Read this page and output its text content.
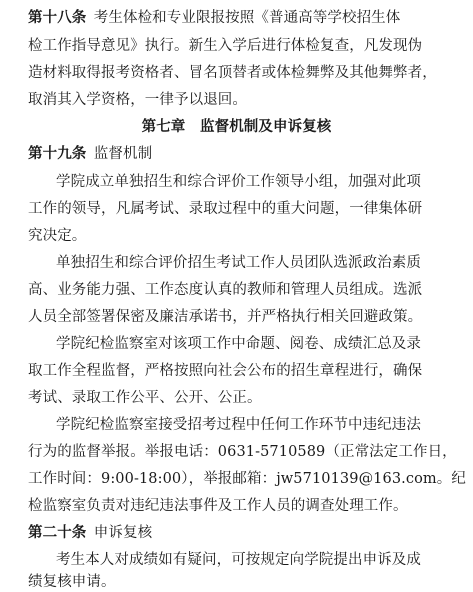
第十八条  考生体检和专业限报按照《普通高等学校招生体
检工作指导意见》执行。新生入学后进行体检复查，凡发现伪
造材料取得报考资格者、冒名顶替者或体检舞弊及其他舞弊者，
取消其入学资格，一律予以退回。
第七章　监督机制及申诉复核
第十九条  监督机制
学院成立单独招生和综合评价工作领导小组，加强对此项
工作的领导，凡属考试、录取过程中的重大问题，一律集体研
究决定。
单独招生和综合评价招生考试工作人员团队选派政治素质
高、业务能力强、工作态度认真的教师和管理人员组成。选派
人员全部签署保密及廉洁承诺书，并严格执行相关回避政策。
学院纪检监察室对该项工作中命题、阅卷、成绩汇总及录
取工作全程监督，严格按照向社会公布的招生章程进行，确保
考试、录取工作公平、公开、公正。
学院纪检监察室接受招考过程中任何工作环节中违纪违法
行为的监督举报。举报电话：0631-5710589（正常法定工作日，
工作时间：9:00-18:00），举报邮箱：jw5710139@163.com。纪
检监察室负责对违纪违法事件及工作人员的调查处理工作。
第二十条  申诉复核
考生本人对成绩如有疑问，可按规定向学院提出申诉及成
绩复核申请。
